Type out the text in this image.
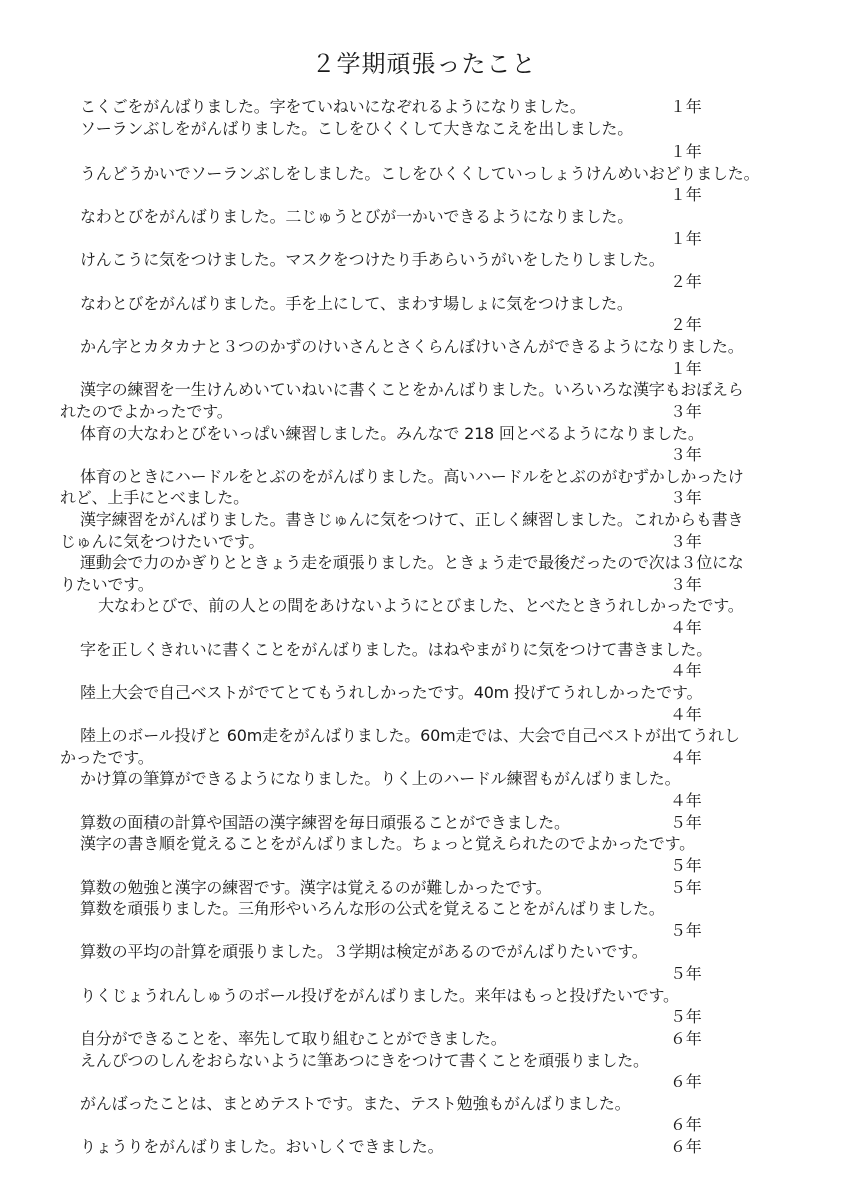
２学期頑張ったこと

こくごをがんばりました。字をていねいになぞれるようになりました。	１年

ソーランぶしをがんばりました。こしをひくくして大きなこえを出しました。

１年

うんどうかいでソーランぶしをしました。こしをひくくしていっしょうけんめいおどりました。

１年

なわとびをがんばりました。二じゅうとびが一かいできるようになりました。

１年

けんこうに気をつけました。マスクをつけたり手あらいうがいをしたりしました。

２年

なわとびをがんばりました。手を上にして、まわす場しょに気をつけました。

２年

かん字とカタカナと３つのかずのけいさんとさくらんぼけいさんができるようになりました。

１年

漢字の練習を一生けんめいていねいに書くことをかんばりました。いろいろな漢字もおぼえら

れたのでよかったです。	３年

体育の大なわとびをいっぱい練習しました。みんなで 218 回とべるようになりました。

３年

体育のときにハードルをとぶのをがんばりました。高いハードルをとぶのがむずかしかったけ

れど、上手にとべました。	３年

漢字練習をがんばりました。書きじゅんに気をつけて、正しく練習しました。これからも書き

じゅんに気をつけたいです。	３年

運動会で力のかぎりとときょう走を頑張りました。ときょう走で最後だったので次は３位にな

りたいです。	３年

大なわとびで、前の人との間をあけないようにとびました、とべたときうれしかったです。

４年

字を正しくきれいに書くことをがんばりました。はねやまがりに気をつけて書きました。

４年

陸上大会で自己ベストがでてとてもうれしかったです。40m 投げてうれしかったです。

４年

陸上のボール投げと 60m走をがんばりました。60m走では、大会で自己ベストが出てうれし

かったです。	４年

かけ算の筆算ができるようになりました。りく上のハードル練習もがんばりました。

４年

算数の面積の計算や国語の漢字練習を毎日頑張ることができました。	５年

漢字の書き順を覚えることをがんばりました。ちょっと覚えられたのでよかったです。

５年

算数の勉強と漢字の練習です。漢字は覚えるのが難しかったです。	５年

算数を頑張りました。三角形やいろんな形の公式を覚えることをがんばりました。

５年

算数の平均の計算を頑張りました。３学期は検定があるのでがんばりたいです。

５年

りくじょうれんしゅうのボール投げをがんばりました。来年はもっと投げたいです。

５年

自分ができることを、率先して取り組むことができました。	６年

えんぴつのしんをおらないように筆あつにきをつけて書くことを頑張りました。

６年

がんばったことは、まとめテストです。また、テスト勉強もがんばりました。

６年

りょうりをがんばりました。おいしくできました。	６年
